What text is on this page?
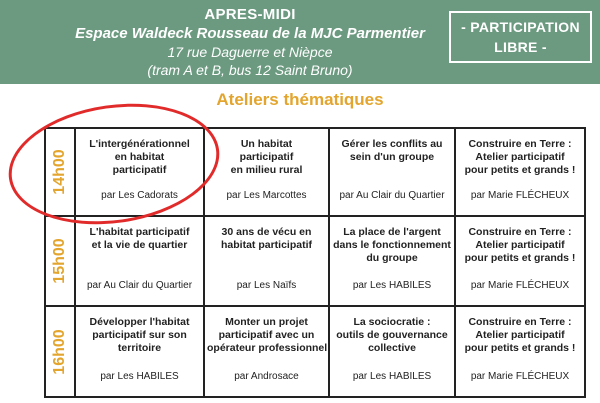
APRES-MIDI
Espace Waldeck Rousseau de la MJC Parmentier
17 rue Daguerre et Nièpce
(tram A et B, bus 12 Saint Bruno)
- PARTICIPATION
LIBRE -
Ateliers thématiques
14h00
L'intergénérationnel
en habitat
participatif
par Les Cadorats
Un habitat
participatif
en milieu rural
par Les Marcottes
Gérer les conflits au
sein d'un groupe
par Au Clair du Quartier
Construire en Terre :
Atelier participatif
pour petits et grands !
par Marie FLÉCHEUX
15h00
L'habitat participatif
et la vie de quartier
par Au Clair du Quartier
30 ans de vécu en
habitat participatif
par Les Naïfs
La place de l'argent
dans le fonctionnement
du groupe
par Les HABILES
Construire en Terre :
Atelier participatif
pour petits et grands !
par Marie FLÉCHEUX
16h00
Développer l'habitat
participatif sur son
territoire
par Les HABILES
Monter un projet
participatif avec un
opérateur professionnel
par Androsace
La sociocratie :
outils de gouvernance
collective
par Les HABILES
Construire en Terre :
Atelier participatif
pour petits et grands !
par Marie FLÉCHEUX
